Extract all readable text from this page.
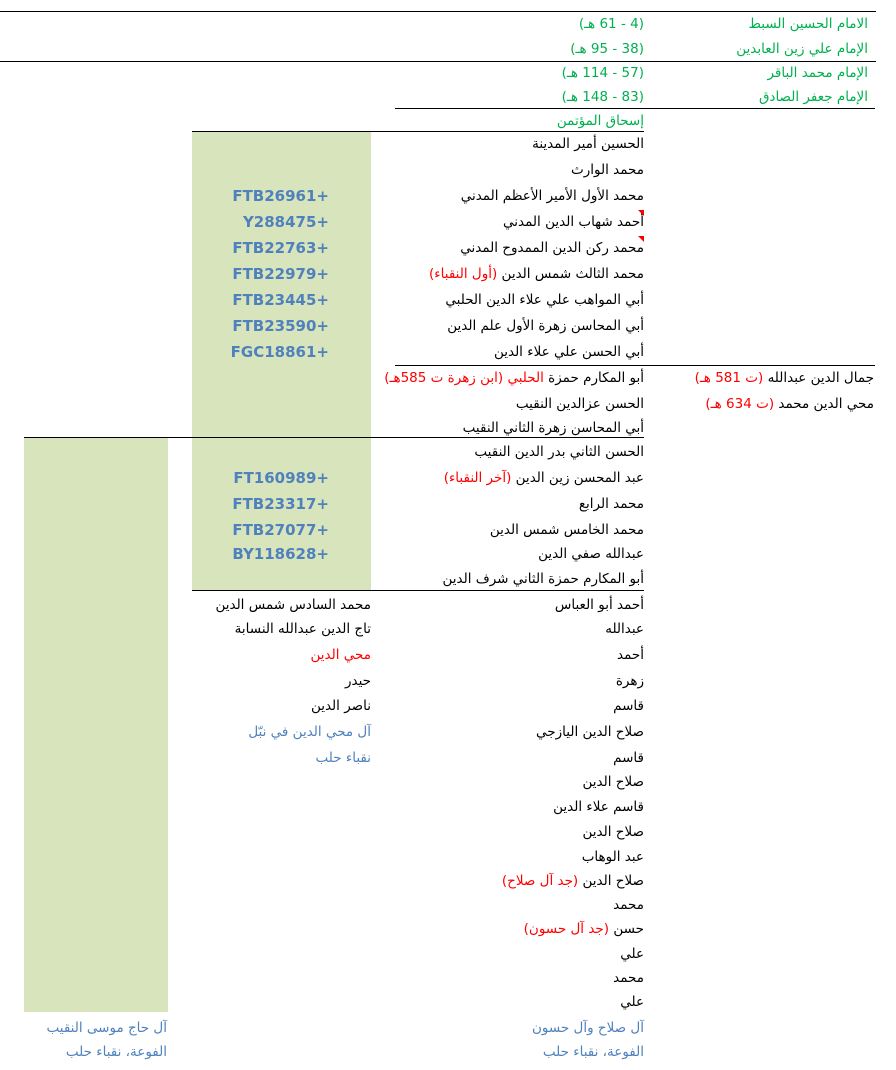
الامام الحسين السبط
(4 - 61 هـ)
الإمام علي زين العابدين
(38 - 95 هـ)
الإمام محمد الباقر
(57 - 114 هـ)
الإمام جعفر الصادق
(83 - 148 هـ)
إسحاق المؤتمن
الحسين أمير المدينة
محمد الوارث
محمد الأول الأمير الأعظم المدني
FTB26961+
أحمد شهاب الدين المدني
Y288475+
محمد ركن الدين الممدوح المدني
FTB22763+
محمد الثالث شمس الدين (أول النقباء)
FTB22979+
أبي المواهب علي علاء الدين الحلبي
FTB23445+
أبي المحاسن زهرة الأول علم الدين
FTB23590+
أبي الحسن علي علاء الدين
FGC18861+
أبو المكارم حمزة الحلبي (ابن زهرة ت 585هـ)	جمال الدين عبدالله (ت 581 هـ)
محي الدين محمد (ت 634 هـ)
الحسن عزالدين النقيب
أبي المحاسن زهرة الثاني النقيب
الحسن الثاني بدر الدين النقيب
عبد المحسن زين الدين (آخر النقباء)
FT160989+
محمد الرابع
FTB23317+
محمد الخامس شمس الدين
FTB27077+
عبدالله صفي الدين
BY118628+
أبو المكارم حمزة الثاني شرف الدين
أحمد أبو العباس
عبدالله
أحمد
زهرة
قاسم
صلاح الدين اليازجي
قاسم
صلاح الدين
قاسم علاء الدين
صلاح الدين
عبد الوهاب
صلاح الدين (جد آل صلاح)
محمد
حسن (جد آل حسون)
علي
محمد
علي
آل صلاح وآل حسون
الفوعة، نقباء حلب
محمد السادس شمس الدين
تاج الدين عبدالله النسابة
محي الدين
حيدر
ناصر الدين
آل محي الدين في نبّل
نقباء حلب
آل حاج موسى النقيب
الفوعة، نقباء حلب
